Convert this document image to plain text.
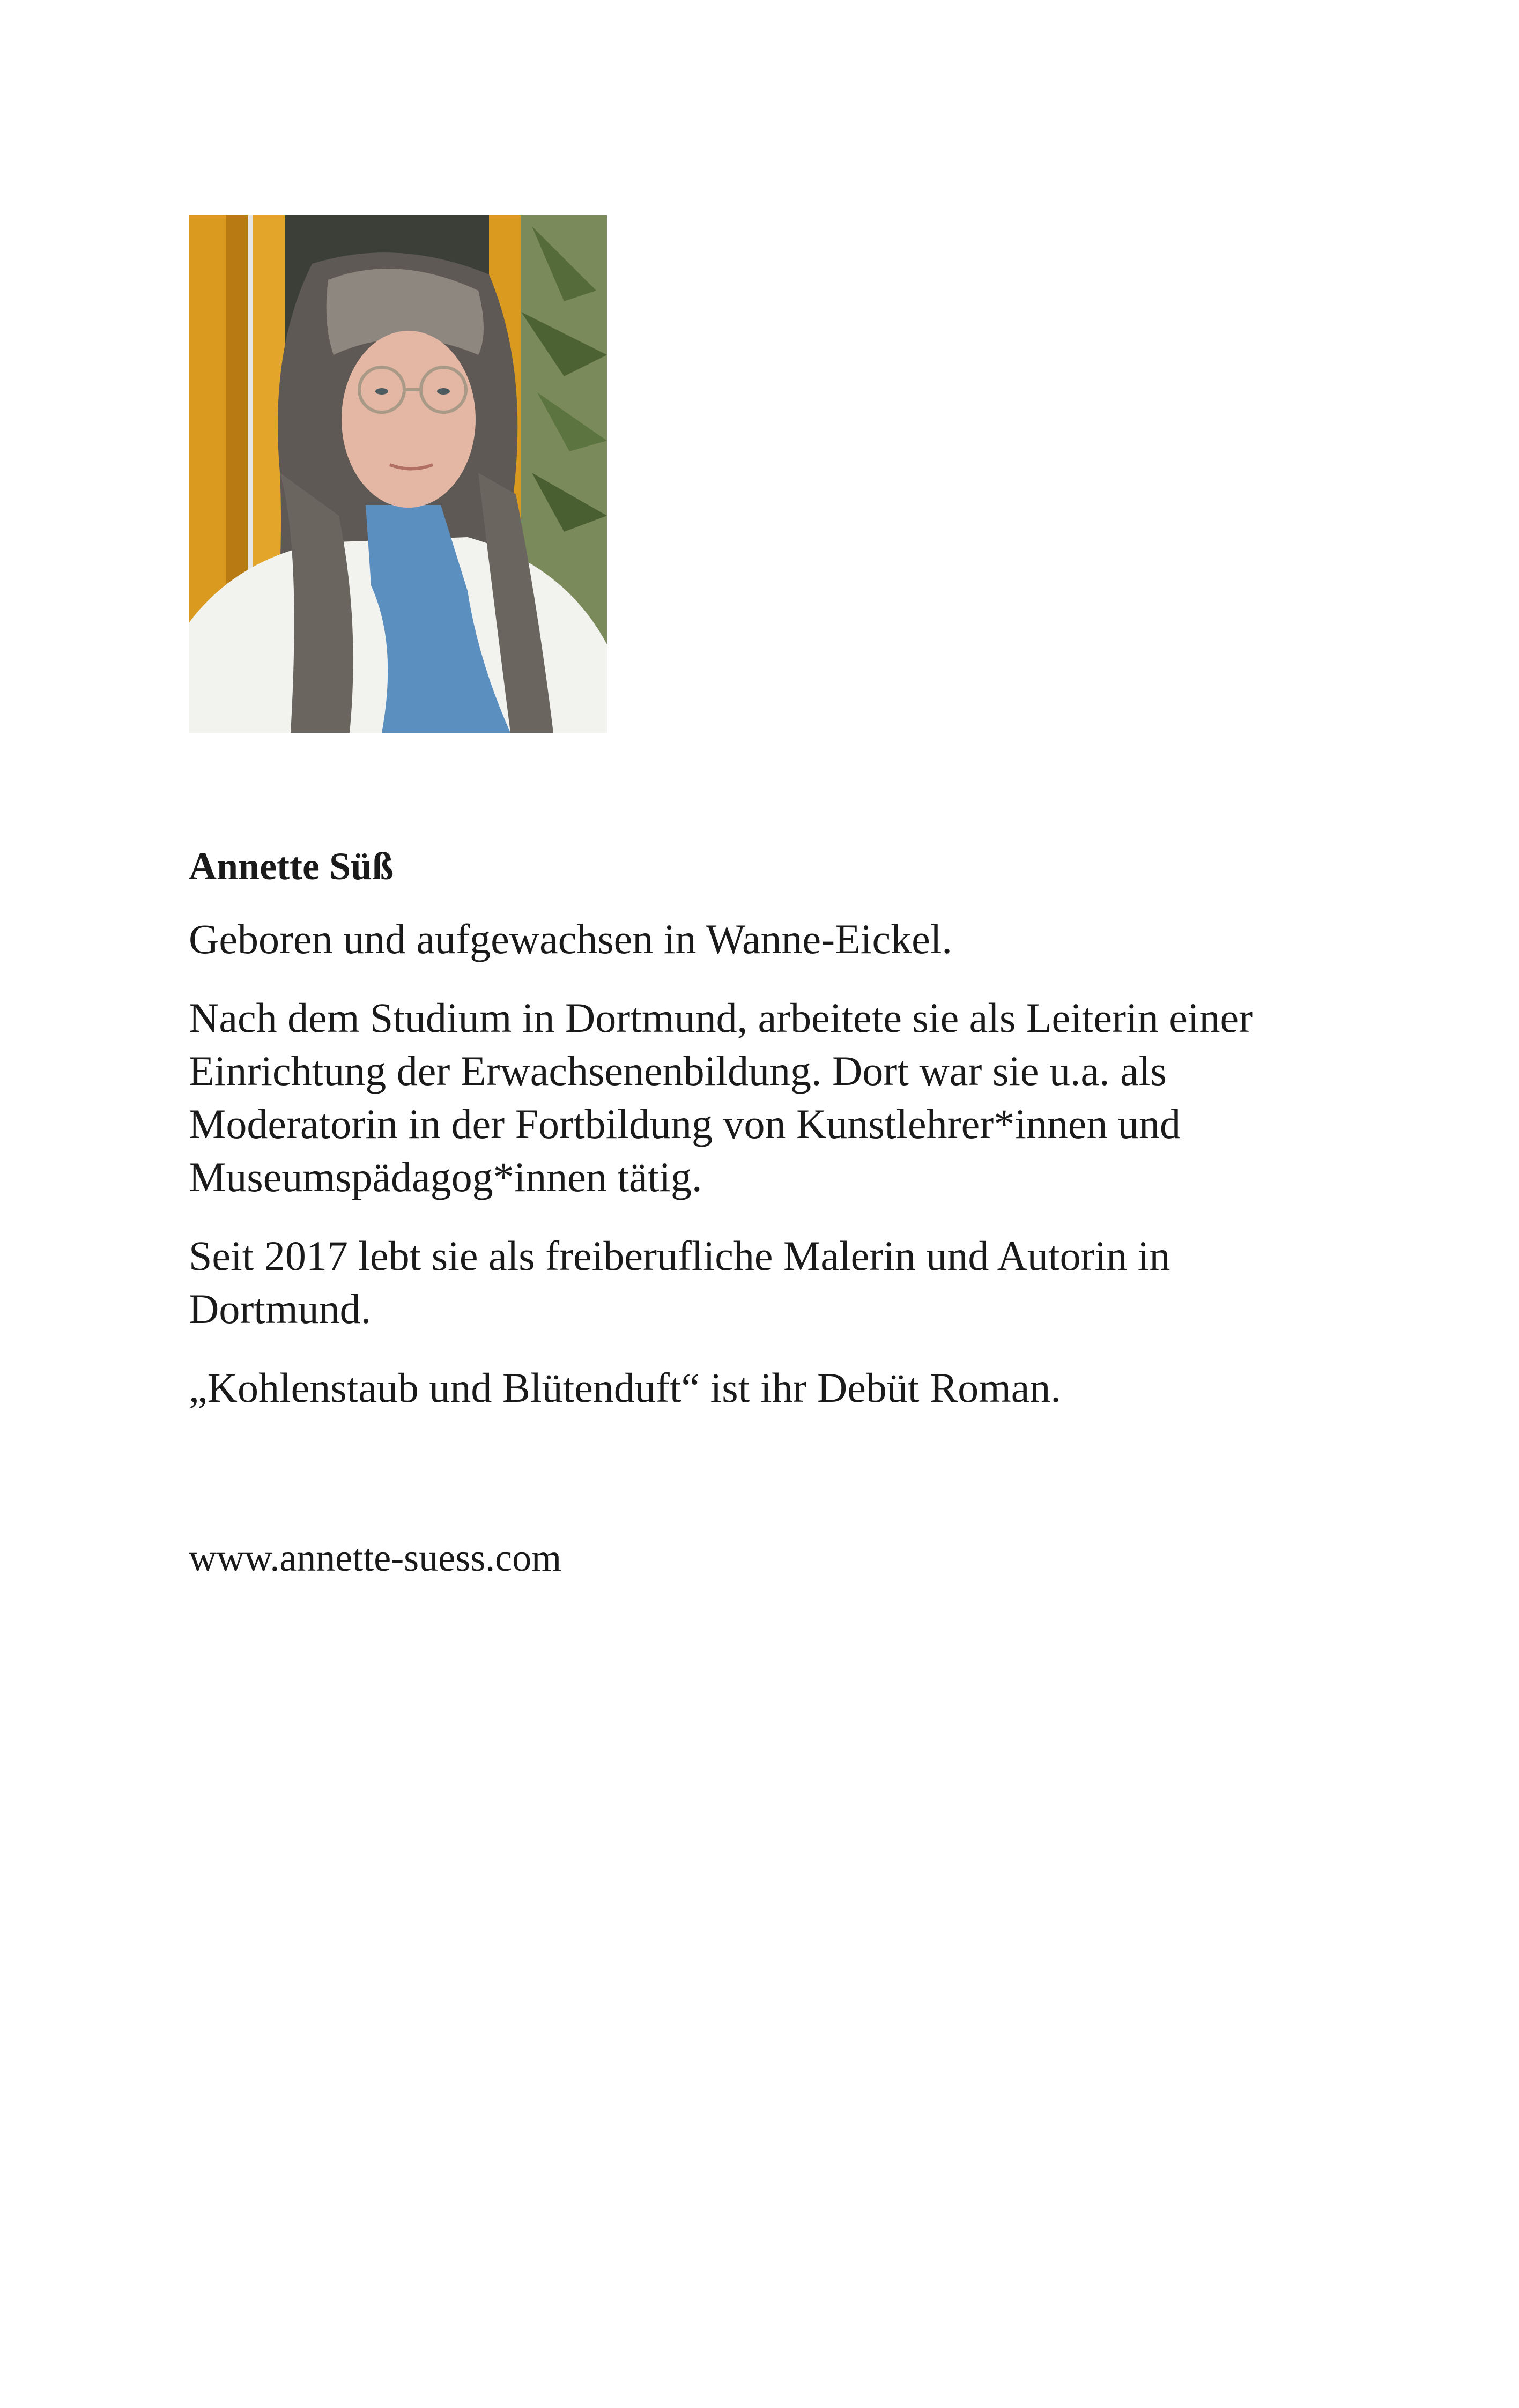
Annette Süß

Geboren und aufgewachsen in Wanne-Eickel.

Nach dem Studium in Dortmund, arbeitete sie als Leiterin einer Einrichtung der Erwachsenenbildung. Dort war sie u.a. als Moderatorin in der Fortbildung von Kunstlehrer*innen und Museumspädagog*innen tätig.

Seit 2017 lebt sie als freiberufliche Malerin und Autorin in Dortmund.

„Kohlenstaub und Blütenduft“ ist ihr Debüt Roman.

www.annette-suess.com
